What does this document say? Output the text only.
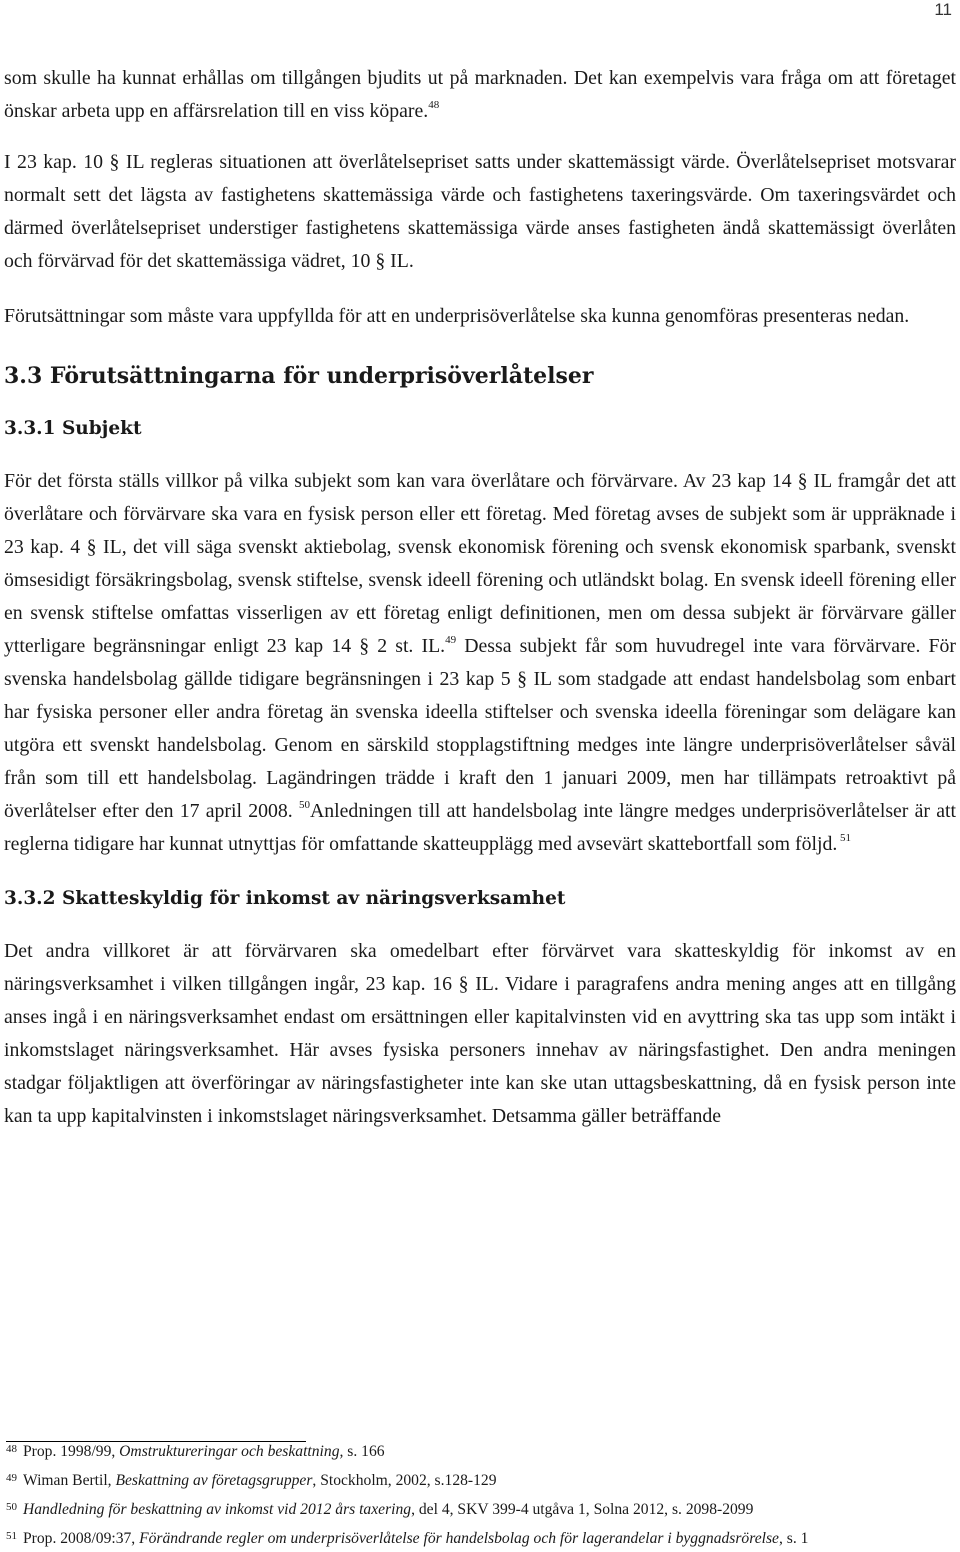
11

som skulle ha kunnat erhållas om tillgången bjudits ut på marknaden. Det kan exempelvis vara fråga om att företaget önskar arbeta upp en affärsrelation till en viss köpare.$^{48}$

I 23 kap. 10 § IL regleras situationen att överlåtelsepriset satts under skattemässigt värde. Överlåtelsepriset motsvarar normalt sett det lägsta av fastighetens skattemässiga värde och fastighetens taxeringsvärde. Om taxeringsvärdet och därmed överlåtelsepriset understiger fastighetens skattemässiga värde anses fastigheten ändå skattemässigt överlåten och förvärvad för det skattemässiga vädret, 10 § IL.

Förutsättningar som måste vara uppfyllda för att en underprisöverlåtelse ska kunna genomföras presenteras nedan.

3.3 Förutsättningarna för underprisöverlåtelser
3.3.1 Subjekt

För det första ställs villkor på vilka subjekt som kan vara överlåtare och förvärvare. Av 23 kap 14 § IL framgår det att överlåtare och förvärvare ska vara en fysisk person eller ett företag. Med företag avses de subjekt som är uppräknade i 23 kap. 4 § IL, det vill säga svenskt aktiebolag, svensk ekonomisk förening och svensk ekonomisk sparbank, svenskt ömsesidigt försäkringsbolag, svensk stiftelse, svensk ideell förening och utländskt bolag. En svensk ideell förening eller en svensk stiftelse omfattas visserligen av ett företag enligt definitionen, men om dessa subjekt är förvärvare gäller ytterligare begränsningar enligt 23 kap 14 § 2 st. IL.$^{49}$ Dessa subjekt får som huvudregel inte vara förvärvare. För svenska handelsbolag gällde tidigare begränsningen i 23 kap 5 § IL som stadgade att endast handelsbolag som enbart har fysiska personer eller andra företag än svenska ideella stiftelser och svenska ideella föreningar som delägare kan utgöra ett svenskt handelsbolag. Genom en särskild stopplagstiftning medges inte längre underprisöverlåtelser såväl från som till ett handelsbolag. Lagändringen trädde i kraft den 1 januari 2009, men har tillämpats retroaktivt på överlåtelser efter den 17 april 2008. $^{50}$Anledningen till att handelsbolag inte längre medges underprisöverlåtelser är att reglerna tidigare har kunnat utnyttjas för omfattande skatteupplägg med avsevärt skattebortfall som följd. $^{51}$

3.3.2 Skatteskyldig för inkomst av näringsverksamhet

Det andra villkoret är att förvärvaren ska omedelbart efter förvärvet vara skatteskyldig för inkomst av en näringsverksamhet i vilken tillgången ingår, 23 kap. 16 § IL. Vidare i paragrafens andra mening anges att en tillgång anses ingå i en näringsverksamhet endast om ersättningen eller kapitalvinsten vid en avyttring ska tas upp som intäkt i inkomstslaget näringsverksamhet. Här avses fysiska personers innehav av näringsfastighet. Den andra meningen stadgar följaktligen att överföringar av näringsfastigheter inte kan ske utan uttagsbeskattning, då en fysisk person inte kan ta upp kapitalvinsten i inkomstslaget näringsverksamhet. Detsamma gäller beträffande

$^{48}$ Prop. 1998/99, Omstruktureringar och beskattning, s. 166
$^{49}$ Wiman Bertil, Beskattning av företagsgrupper, Stockholm, 2002, s.128-129
$^{50}$ Handledning för beskattning av inkomst vid 2012 års taxering, del 4, SKV 399-4 utgåva 1, Solna 2012, s. 2098-2099
$^{51}$ Prop. 2008/09:37, Förändrande regler om underprisöverlåtelse för handelsbolag och för lagerandelar i byggnadsrörelse, s. 1
